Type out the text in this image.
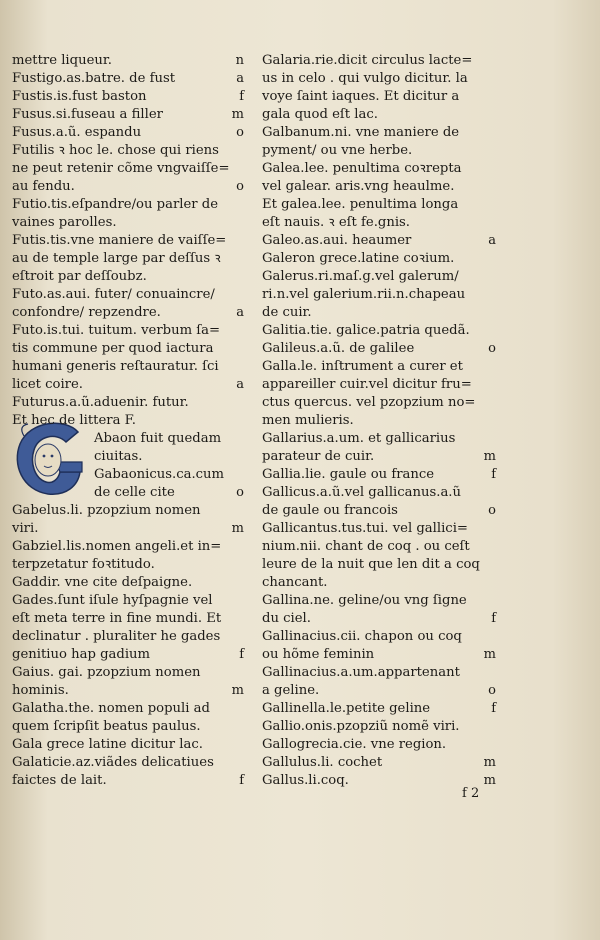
mettre liqueur.	n
Fustigo.as.batre. de fust	a
Fustis.is.fust baston	f
Fusus.si.fuseau a filler	m
Fusus.a.ũ. espandu	o
Futilis ꝛ hoc le. chose qui riens
ne peut retenir cõme vngvaiſſe=
au fendu.	o
Futio.tis.eſpandre/ou parler de
vaines parolles.
Futis.tis.vne maniere de vaiſſe=
au de temple large par deſſus ꝛ
eſtroit par deſſoubz.
Futo.as.aui. futer/ conuaincre/
confondre/ repzendre.	a
Futo.is.tui. tuitum. verbum ſa=
tis commune per quod iactura
humani generis reſtauratur. ſci
licet coire.	a
Futurus.a.ũ.aduenir. futur.
Et hec de littera F.
Abaon fuit quedam
ciuitas.
Gabaonicus.ca.cum
de celle cite	o
Gabelus.li. pzopzium nomen
viri.	m
Gabziel.lis.nomen angeli.et in=
terpzetatur foꝛtitudo.
Gaddir. vne cite deſpaigne.
Gades.ſunt iſule hyſpagnie vel
eſt meta terre in fine mundi. Et
declinatur . pluraliter he gades
genitiuo hap gadium	f
Gaius. gai. pzopzium nomen
hominis.	m
Galatha.the. nomen populi ad
quem ſcripſit beatus paulus.
Gala grece latine dicitur lac.
Galaticie.az.viãdes delicatiues
faictes de lait.	f
Galaria.rie.dicit circulus lacte=
us in celo . qui vulgo dicitur. la
voye ſaint iaques. Et dicitur a
gala quod eſt lac.
Galbanum.ni. vne maniere de
pyment/ ou vne herbe.
Galea.lee. penultima coꝛrepta
vel galear. aris.vng heaulme.
Et galea.lee. penultima longa
eſt nauis. ꝛ eſt fe.gnis.
Galeo.as.aui. heaumer	a
Galeron grece.latine coꝛium.
Galerus.ri.maſ.g.vel galerum/
ri.n.vel galerium.rii.n.chapeau
de cuir.
Galitia.tie. galice.patria quedã.
Galileus.a.ũ. de galilee	o
Galla.le. inſtrument a curer et
appareiller cuir.vel dicitur fru=
ctus quercus. vel pzopzium no=
men mulieris.
Gallarius.a.um. et gallicarius
parateur de cuir.	m
Gallia.lie. gaule ou france	f
Gallicus.a.ũ.vel gallicanus.a.ũ
de gaule ou francois	o
Gallicantus.tus.tui. vel gallici=
nium.nii. chant de coq . ou ceſt
leure de la nuit que len dit a coq
chancant.
Gallina.ne. geline/ou vng ſigne
du ciel.	f
Gallinacius.cii. chapon ou coq
ou hõme feminin	m
Gallinacius.a.um.appartenant
a geline.	o
Gallinella.le.petite geline	f
Gallio.onis.pzopziũ nomẽ viri.
Gallogrecia.cie. vne region.
Gallulus.li. cochet	m
Gallus.li.coq.	m
f 2
